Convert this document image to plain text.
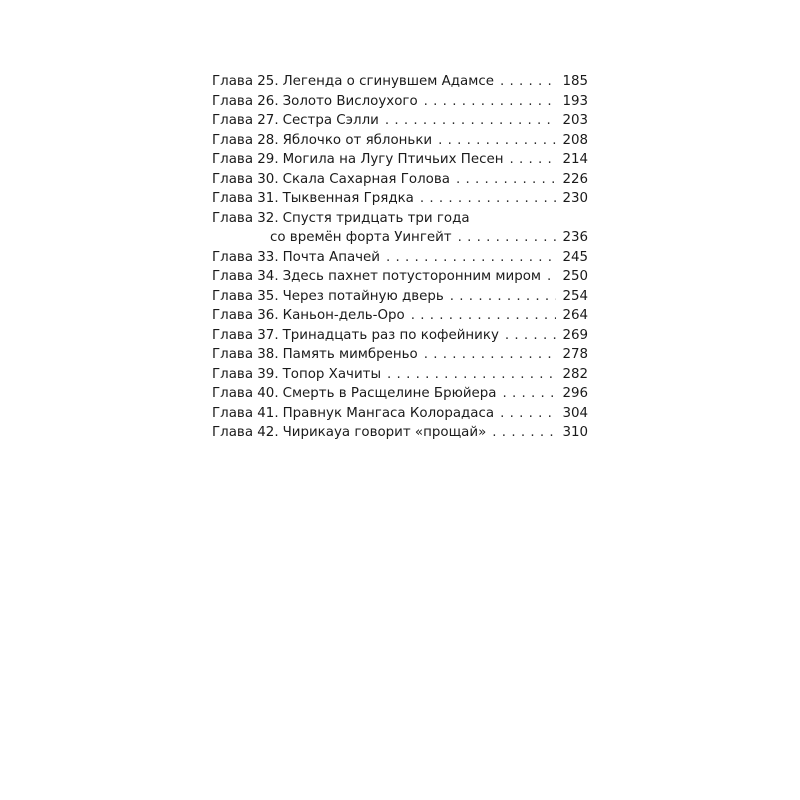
Глава 25. Легенда о сгинувшем Адамсе . . .	185
Глава 26. Золото Вислоухого . . .	193
Глава 27. Сестра Сэлли . . .	203
Глава 28. Яблочко от яблоньки . . .	208
Глава 29. Могила на Лугу Птичьих Песен . . .	214
Глава 30. Скала Сахарная Голова . . .	226
Глава 31. Тыквенная Грядка . . .	230
Глава 32. Спустя тридцать три года
со времён форта Уингейт . . .	236
Глава 33. Почта Апачей . . .	245
Глава 34. Здесь пахнет потусторонним миром . . . 250
Глава 35. Через потайную дверь . . .	254
Глава 36. Каньон-дель-Оро . . .	264
Глава 37. Тринадцать раз по кофейнику . . .	269
Глава 38. Память мимбреньо . . .	278
Глава 39. Топор Хачиты . . .	282
Глава 40. Смерть в Расщелине Брюйера . . .	296
Глава 41. Правнук Мангаса Колорадаса . . .	304
Глава 42. Чирикауа говорит «прощай» . . .	310
